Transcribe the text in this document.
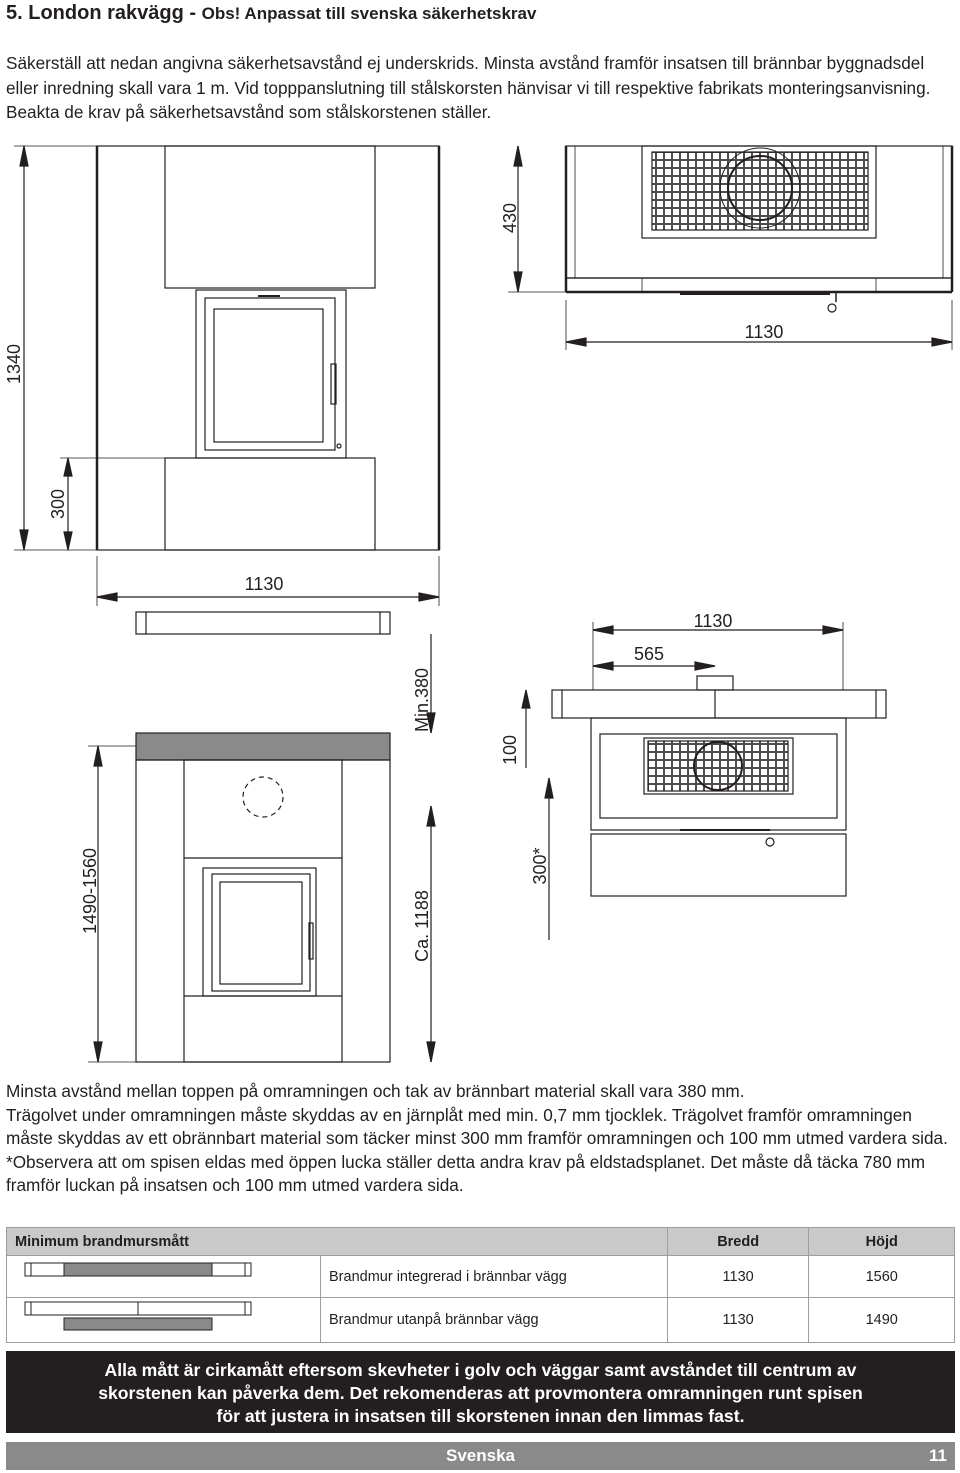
5. London rakvägg - Obs! Anpassat till svenska säkerhetskrav

Säkerställ att nedan angivna säkerhetsavstånd ej underskrids. Minsta avstånd framför insatsen till brännbar byggnadsdel eller inredning skall vara 1 m. Vid topppanslutning till stålskorsten hänvisar vi till respektive fabrikats monteringsanvisning. Beakta de krav på säkerhetsavstånd som stålskorstenen ställer.

1340
300
1130
430
1130
Min.380
Ca. 1188
1490-1560
1130
565
100
300*

Minsta avstånd mellan toppen på omramningen och tak av brännbart material skall vara 380 mm.

Trägolvet under omramningen måste skyddas av en järnplåt med min. 0,7 mm tjocklek. Trägolvet framför omramningen måste skyddas av ett obrännbart material som täcker minst 300 mm framför omramningen och 100 mm utmed vardera sida.

*Observera att om spisen eldas med öppen lucka ställer detta andra krav på eldstadsplanet. Det måste då täcka 780 mm framför luckan på insatsen och 100 mm utmed vardera sida.

Minimum brandmursmått		Bredd	Höjd
	Brandmur integrerad i brännbar vägg	1130	1560
	Brandmur utanpå brännbar vägg	1130	1490

Alla mått är cirkamått eftersom skevheter i golv och väggar samt avståndet till centrum av

skorstenen kan påverka dem. Det rekomenderas att provmontera omramningen runt spisen

för att justera in insatsen till skorstenen innan den limmas fast.

Svenska	11
